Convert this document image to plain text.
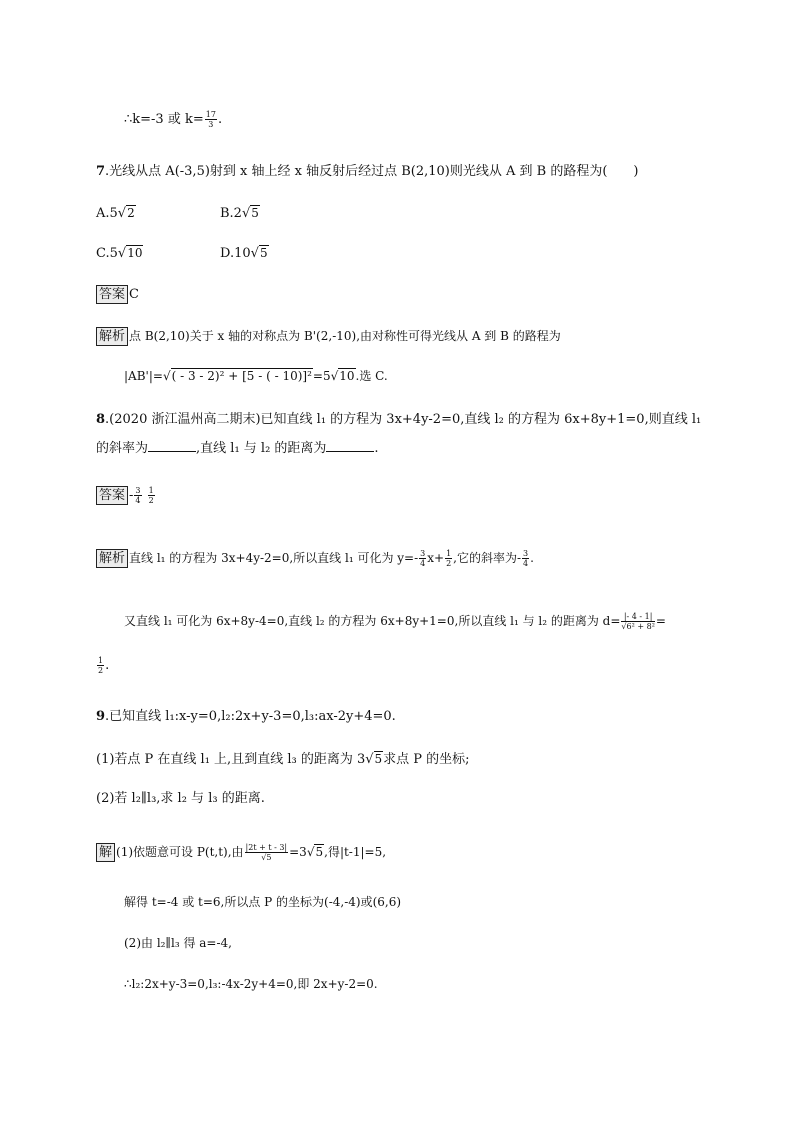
∴k=-3 或 $k= \frac{17}{3}$ .
7.光线从点 A(-3,5)射到 x 轴上经 x 轴反射后经过点 B(2,10)则光线从 A 到 B 的路程为(　　)
A.5√2	B.2√5
C.5√10	D.10√5
答案 C
解析 点 B(2,10)关于 x 轴的对称点为 B'(2,-10),由对称性可得光线从 A 到 B 的路程为
|AB'|=√( - 3 - 2)² + [5 - ( - 10)]²=5√10.选 C.
8.(2020 浙江温州高二期末)已知直线 l₁ 的方程为 3x+4y-2=0,直线 l₂ 的方程为 6x+8y+1=0,则直线 l₁
的斜率为	,直线 l₁ 与 l₂ 的距离为	.
答案 - $\frac{3}{4}$
$\frac{1}{2}$
解析 直线 l₁ 的方程为 3x+4y-2=0,所以直线 l₁ 可化为 $y=- \frac{3}{4} x+ \frac{1}{2}$ ,它的斜率为- $\frac{3}{4}$ .
又直线 l₁ 可化为 6x+8y-4=0,直线 l₂ 的方程为 6x+8y+1=0,所以直线 l₁ 与 l₂ 的距离为 $d= \frac{|- 4 - 1|}{\text{√6² + 8²}}$ =
$\frac{1}{2}$ .
9.已知直线 l₁:x-y=0,l₂:2x+y-3=0,l₃:ax-2y+4=0.
(1)若点 P 在直线 l₁ 上,且到直线 l₃ 的距离为 3√5求点 P 的坐标;
(2)若 l₂∥l₃,求 l₂ 与 l₃ 的距离.
解 (1)依题意可设 P(t,t),由 $\frac{|2t + t - 3|}{√5} =3√5$,得|t-1|=5,
解得 t=-4 或 t=6,所以点 P 的坐标为(-4,-4)或(6,6)
(2)由 l₂∥l₃ 得 a=-4,
∴l₂:2x+y-3=0,l₃:-4x-2y+4=0,即 2x+y-2=0.
